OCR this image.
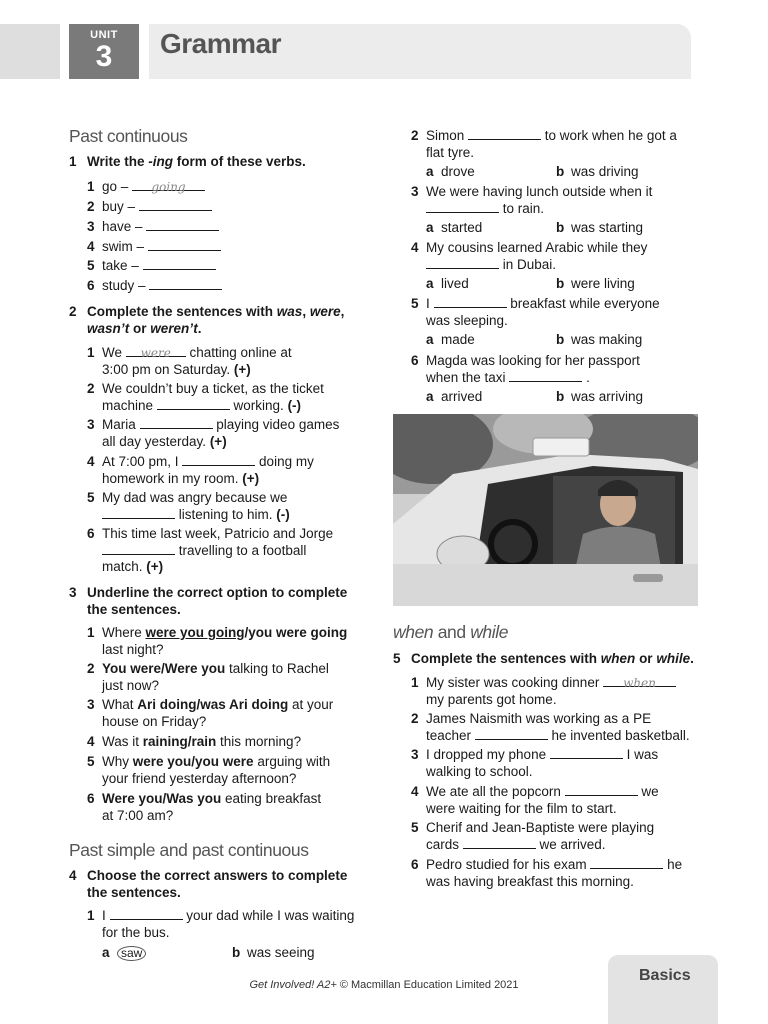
UNIT
3	Grammar
Past continuous
1 Write the -ing form of these verbs.
1 go – going
2 buy –
3 have –
4 swim –
5 take –
6 study –
2 Complete the sentences with was, were,
wasn’t or weren’t.
1 We were chatting online at
3:00 pm on Saturday. (+)
2 We couldn’t buy a ticket, as the ticket
machine	working. (-)
3 Maria	playing video games
all day yesterday. (+)
4 At 7:00 pm, I	doing my
homework in my room. (+)
5 My dad was angry because we
listening to him. (-)
6 This time last week, Patricio and Jorge
travelling to a football
match. (+)
3 Underline the correct option to complete
the sentences.
1 Where were you going/you were going
last night?
2 You were/Were you talking to Rachel
just now?
3 What Ari doing/was Ari doing at your
house on Friday?
4 Was it raining/rain this morning?
5 Why were you/you were arguing with
your friend yesterday afternoon?
6 Were you/Was you eating breakfast
at 7:00 am?
Past simple and past continuous
4 Choose the correct answers to complete
the sentences.
1 I	your dad while I was waiting
for the bus.
a saw	b was seeing
2 Simon	to work when he got a
flat tyre.
a drove	b was driving
3 We were having lunch outside when it
to rain.
a started	b was starting
4 My cousins learned Arabic while they
in Dubai.
a lived	b were living
5 I	breakfast while everyone
was sleeping.
a made	b was making
6 Magda was looking for her passport
when the taxi	.
a arrived	b was arriving
when and while
5 Complete the sentences with when or while.
1 My sister was cooking dinner when
my parents got home.
2 James Naismith was working as a PE
teacher	he invented basketball.
3 I dropped my phone	I was
walking to school.
4 We ate all the popcorn	we
were waiting for the film to start.
5 Cherif and Jean-Baptiste were playing
cards	we arrived.
6 Pedro studied for his exam	he
was having breakfast this morning.
Get Involved! A2+ © Macmillan Education Limited 2021
Basics
